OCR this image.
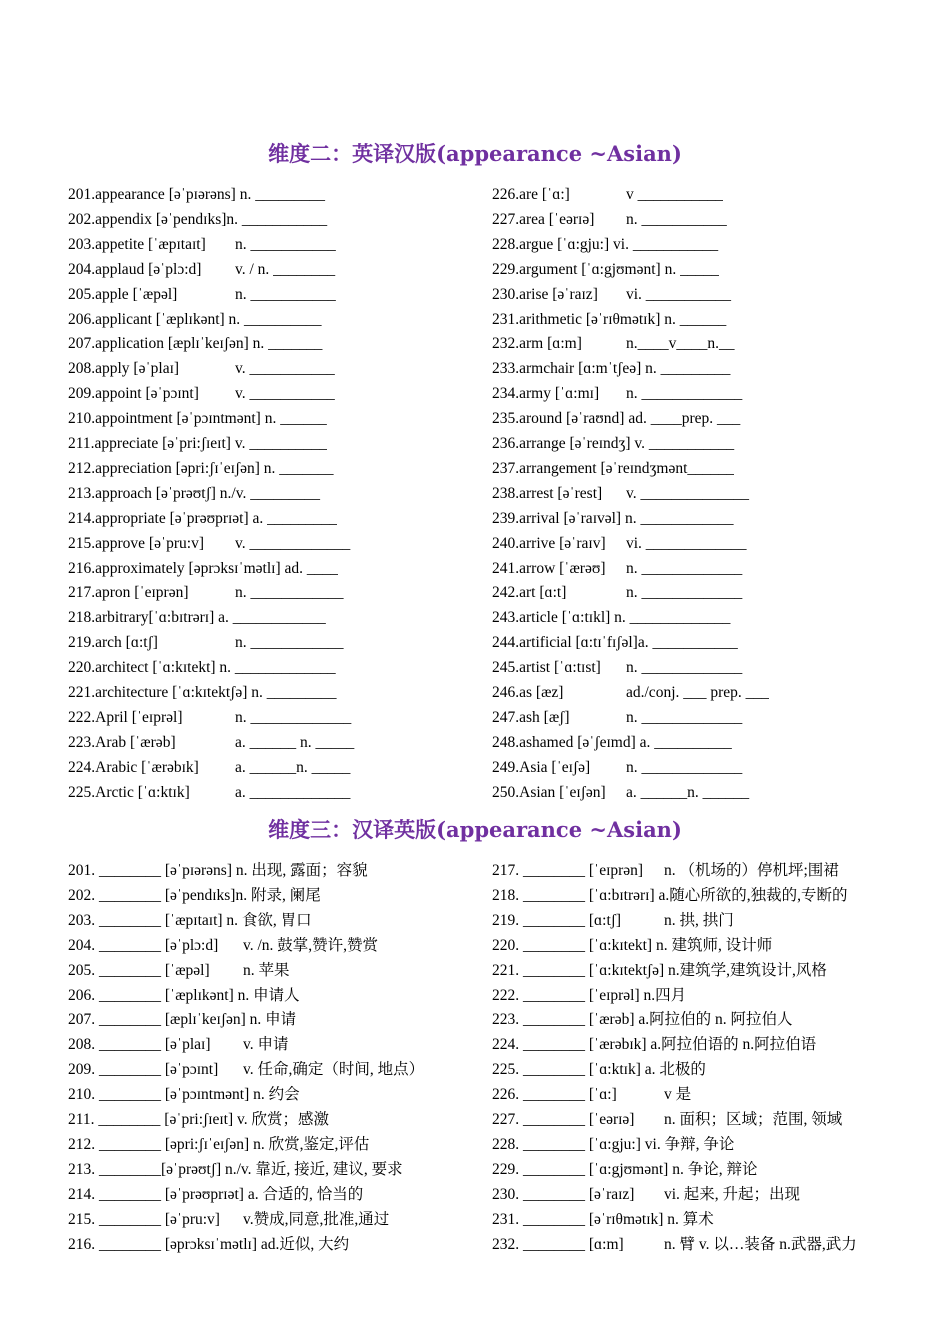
维度二：英译汉版(appearance ~Asian)
201.appearance [əˈpɪərəns] n. _________
202.appendix [əˈpendɪks]n. ___________
203.appetite [ˈæpɪtaɪt] n. ___________
204.applaud [əˈplɔ:d] v. / n. ________
205.apple [ˈæpəl]	n. ___________
206.applicant [ˈæplɪkənt] n. __________
207.application [æplɪˈkeɪʃən] n. _______
208.apply [əˈplaɪ]	v. ___________
209.appoint [əˈpɔɪnt] v. ___________
210.appointment [əˈpɔɪntmənt] n. ______
211.appreciate [əˈpri:ʃɪeɪt] v. __________
212.appreciation [əpri:ʃɪˈeɪʃən] n. _______
213.approach [əˈprəʊtʃ] n./v. _________
214.appropriate [əˈprəʊprɪət] a. _________
215.approve [əˈpru:v] v. _____________
216.approximately [əprɔksɪˈmətlɪ] ad. ____
217.apron [ˈeɪprən]	n. ____________
218.arbitrary[ˈɑ:bɪtrərɪ] a. ____________
219.arch [ɑ:tʃ]	n. ____________
220.architect [ˈɑ:kɪtekt] n. _____________
221.architecture [ˈɑ:kɪtektʃə] n. _________
222.April [ˈeɪprəl]	n. _____________
223.Arab [ˈærəb]	a. ______ n. _____
224.Arabic [ˈærəbɪk] a. ______n. _____
225.Arctic [ˈɑ:ktɪk]	a. _____________
226.are [ˈɑ:]	v ___________
227.area [ˈeərɪə] n. ___________
228.argue [ˈɑ:gju:] vi. ___________
229.argument [ˈɑ:gjʊmənt] n. _____
230.arise [əˈraɪz] vi. ___________
231.arithmetic [əˈrɪθmətɪk] n. ______
232.arm [ɑ:m]	n.____v____n.__
233.armchair [ɑ:mˈtʃeə] n. _________
234.army [ˈɑ:mɪ] n. _____________
235.around [əˈraʊnd] ad. ____prep. ___
236.arrange [əˈreɪndʒ] v. ___________
237.arrangement [əˈreɪndʒmənt______
238.arrest [əˈrest] v. ______________
239.arrival [əˈraɪvəl] n. ____________
240.arrive [əˈraɪv] vi. _____________
241.arrow [ˈærəʊ] n. _____________
242.art [ɑ:t]	n. _____________
243.article [ˈɑ:tɪkl] n. _____________
244.artificial [ɑ:tɪˈfɪʃəl]a. ___________
245.artist [ˈɑ:tɪst] n. _____________
246.as [æz]	ad./conj. ___ prep. ___
247.ash [æʃ]	n. _____________
248.ashamed [əˈʃeɪmd] a. __________
249.Asia [ˈeɪʃə] n. _____________
250.Asian [ˈeɪʃən] a. ______n. ______
维度三：汉译英版(appearance ~Asian)
201. ________ [əˈpɪərəns] n. 出现, 露面；容貌
202. ________ [əˈpendɪks]n. 附录, 阑尾
203. ________ [ˈæpɪtaɪt] n. 食欲, 胃口
204. ________ [əˈplɔ:d] v. /n. 鼓掌,赞许,赞赏
205. ________ [ˈæpəl] n. 苹果
206. ________ [ˈæplɪkənt] n. 申请人
207. ________ [æplɪˈkeɪʃən] n. 申请
208. ________ [əˈplaɪ] v. 申请
209. ________ [əˈpɔɪnt] v. 任命,确定（时间, 地点）
210. ________ [əˈpɔɪntmənt] n. 约会
211. ________ [əˈpri:ʃɪeɪt] v. 欣赏；感激
212. ________ [əpri:ʃɪˈeɪʃən] n. 欣赏,鉴定,评估
213. ________[əˈprəʊtʃ] n./v. 靠近, 接近, 建议, 要求
214. ________ [əˈprəʊprɪət] a. 合适的, 恰当的
215. ________ [əˈpru:v] v.赞成,同意,批准,通过
216. ________ [əprɔksɪˈmətlɪ] ad.近似, 大约
217. ________ [ˈeɪprən] n. （机场的）停机坪;围裙
218. ________ [ˈɑ:bɪtrərɪ] a.随心所欲的,独裁的,专断的
219. ________ [ɑ:tʃ]	n. 拱, 拱门
220. ________ [ˈɑ:kɪtekt] n. 建筑师, 设计师
221. ________ [ˈɑ:kɪtektʃə] n.建筑学,建筑设计,风格
222. ________ [ˈeɪprəl] n.四月
223. ________ [ˈærəb] a.阿拉伯的 n. 阿拉伯人
224. ________ [ˈærəbɪk] a.阿拉伯语的 n.阿拉伯语
225. ________ [ˈɑ:ktɪk] a. 北极的
226. ________ [ˈɑ:]	v 是
227. ________ [ˈeərɪə] n. 面积；区域；范围, 领域
228. ________ [ˈɑ:gju:] vi. 争辩, 争论
229. ________ [ˈɑ:gjʊmənt] n. 争论, 辩论
230. ________ [əˈraɪz] vi. 起来, 升起；出现
231. ________ [əˈrɪθmətɪk] n. 算术
232. ________ [ɑ:m]	n. 臂 v. 以…装备 n.武器,武力
